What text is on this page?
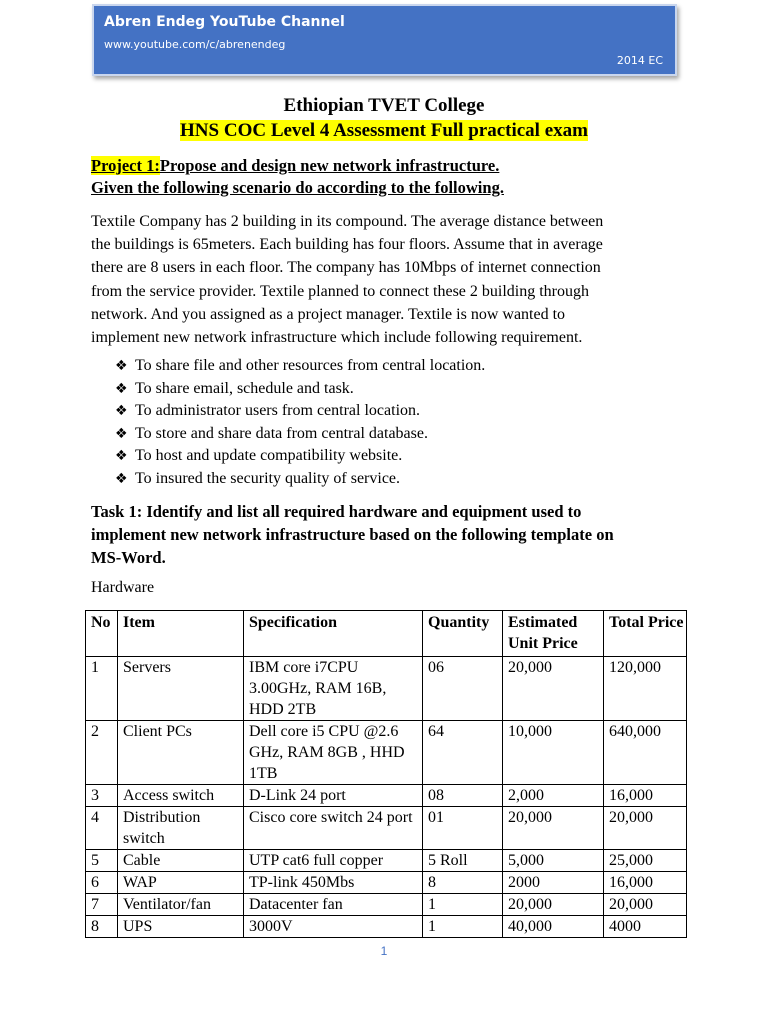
Abren Endeg YouTube Channel
www.youtube.com/c/abrenendeg
2014 EC
Ethiopian TVET College
HNS COC Level 4 Assessment Full practical exam
Project 1:Propose and design new network infrastructure.
Given the following scenario do according to the following.
Textile Company has 2 building in its compound. The average distance between
the buildings is 65meters. Each building has four floors. Assume that in average
there are 8 users in each floor. The company has 10Mbps of internet connection
from the service provider. Textile planned to connect these 2 building through
network. And you assigned as a project manager. Textile is now wanted to
implement new network infrastructure which include following requirement.
❖ To share file and other resources from central location.
❖ To share email, schedule and task.
❖ To administrator users from central location.
❖ To store and share data from central database.
❖ To host and update compatibility website.
❖ To insured the security quality of service.
Task 1: Identify and list all required hardware and equipment used to
implement new network infrastructure based on the following template on
MS-Word.
Hardware
No	Item	Specification	Quantity	Estimated Unit Price	Total Price
1	Servers	IBM core i7CPU 3.00GHz, RAM 16B, HDD 2TB	06	20,000	120,000
2	Client PCs	Dell core i5 CPU @2.6 GHz, RAM 8GB , HHD 1TB	64	10,000	640,000
3	Access switch	D-Link 24 port	08	2,000	16,000
4	Distribution switch	Cisco core switch 24 port	01	20,000	20,000
5	Cable	UTP cat6 full copper	5 Roll	5,000	25,000
6	WAP	TP-link 450Mbs	8	2000	16,000
7	Ventilator/fan	Datacenter fan	1	20,000	20,000
8	UPS	3000V	1	40,000	4000
1
